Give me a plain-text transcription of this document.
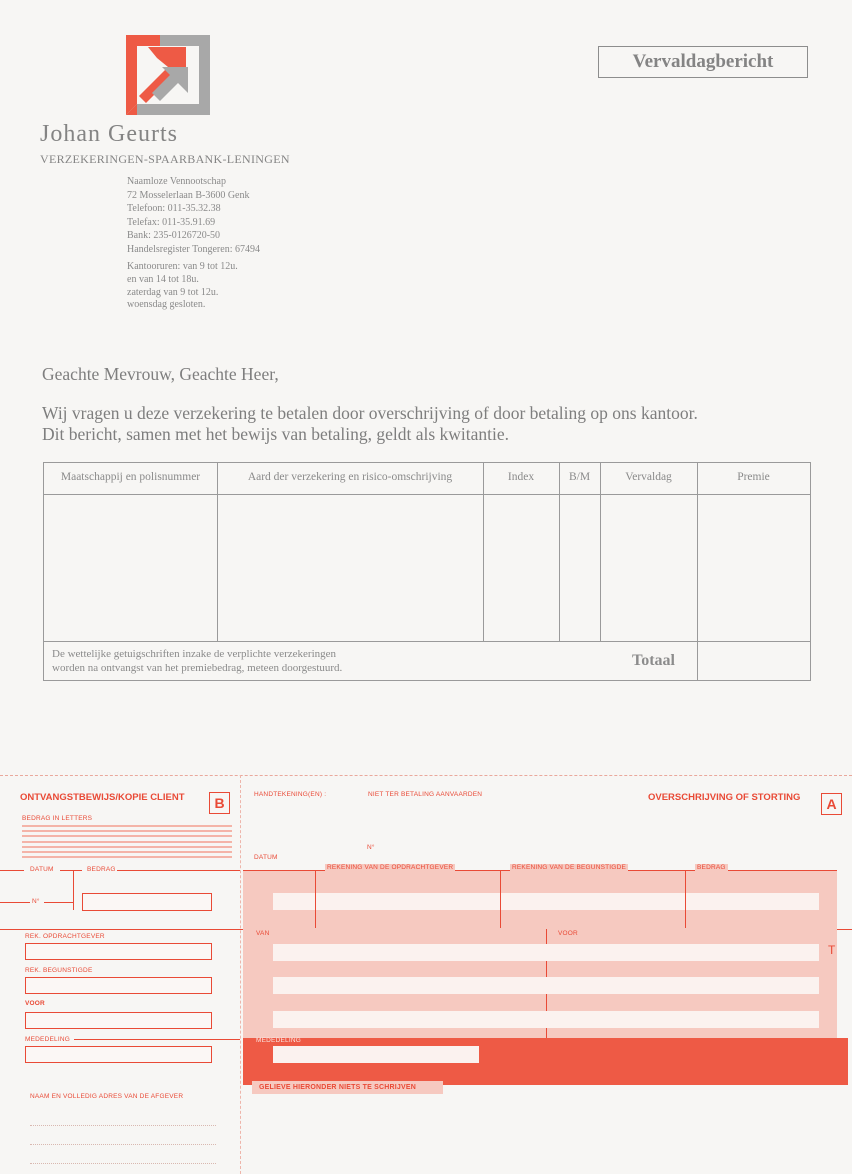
Johan Geurts
VERZEKERINGEN-SPAARBANK-LENINGEN
Naamloze Vennootschap
72 Mosselerlaan B-3600 Genk
Telefoon: 011-35.32.38
Telefax: 011-35.91.69
Bank: 235-0126720-50
Handelsregister Tongeren: 67494
Kantooruren: van 9 tot 12u.
en van 14 tot 18u.
zaterdag van 9 tot 12u.
woensdag gesloten.
Vervaldagbericht
Geachte Mevrouw, Geachte Heer,
Wij vragen u deze verzekering te betalen door overschrijving of door betaling op ons kantoor.
Dit bericht, samen met het bewijs van betaling, geldt als kwitantie.
Maatschappij en polisnummer	Aard der verzekering en risico-omschrijving	Index	B/M	Vervaldag	Premie
De wettelijke getuigschriften inzake de verplichte verzekeringen
worden na ontvangst van het premiebedrag, meteen doorgestuurd.	Totaal
ONTVANGSTBEWIJS/KOPIE CLIENT	B
BEDRAG IN LETTERS
DATUM	BEDRAG
N°
REK. OPDRACHTGEVER
REK. BEGUNSTIGDE
VOOR
MEDEDELING
NAAM EN VOLLEDIG ADRES VAN DE AFGEVER
HANDTEKENING(EN) :	NIET TER BETALING AANVAARDEN	OVERSCHRIJVING OF STORTING	A
N°
DATUM
REKENING VAN DE OPDRACHTGEVER	REKENING VAN DE BEGUNSTIGDE	BEDRAG
VAN	VOOR
T
MEDEDELING
GELIEVE HIERONDER NIETS TE SCHRIJVEN
